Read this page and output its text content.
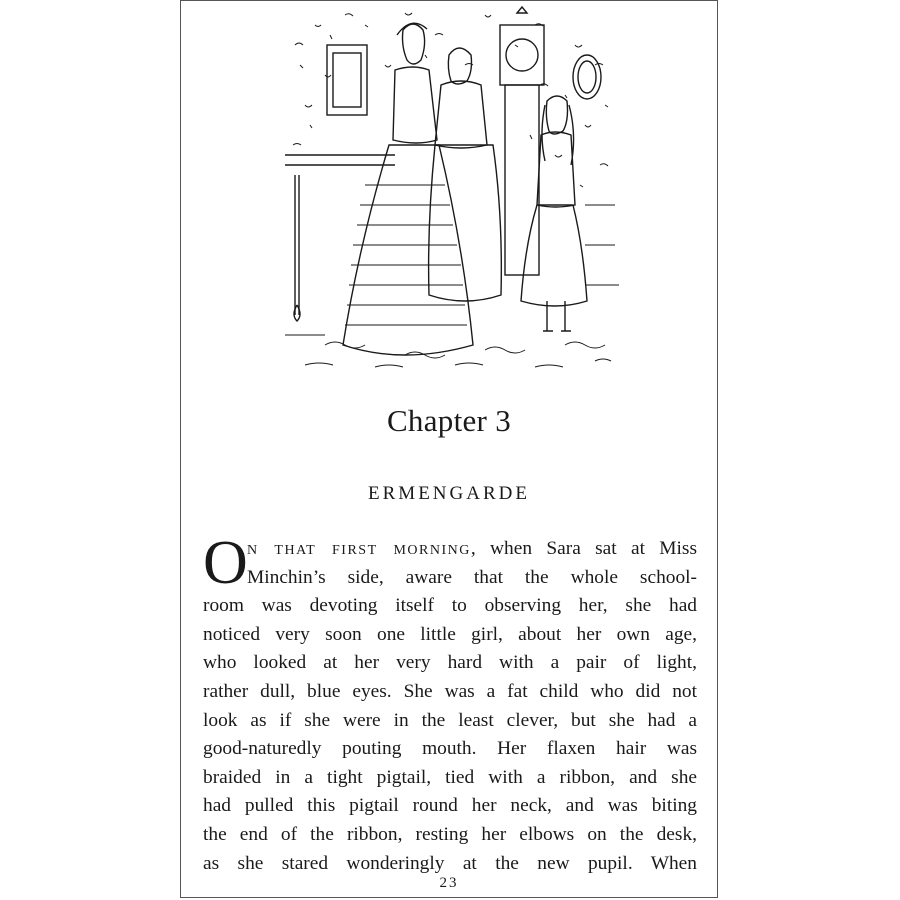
Chapter 3
ERMENGARDE
O n that first morning, when Sara sat at Miss
Minchin’s side, aware that the whole school-
room was devoting itself to observing her, she had
noticed very soon one little girl, about her own age,
who looked at her very hard with a pair of light,
rather dull, blue eyes. She was a fat child who did not
look as if she were in the least clever, but she had a
good-naturedly pouting mouth. Her flaxen hair was
braided in a tight pigtail, tied with a ribbon, and she
had pulled this pigtail round her neck, and was biting
the end of the ribbon, resting her elbows on the desk,
as she stared wonderingly at the new pupil. When
23
